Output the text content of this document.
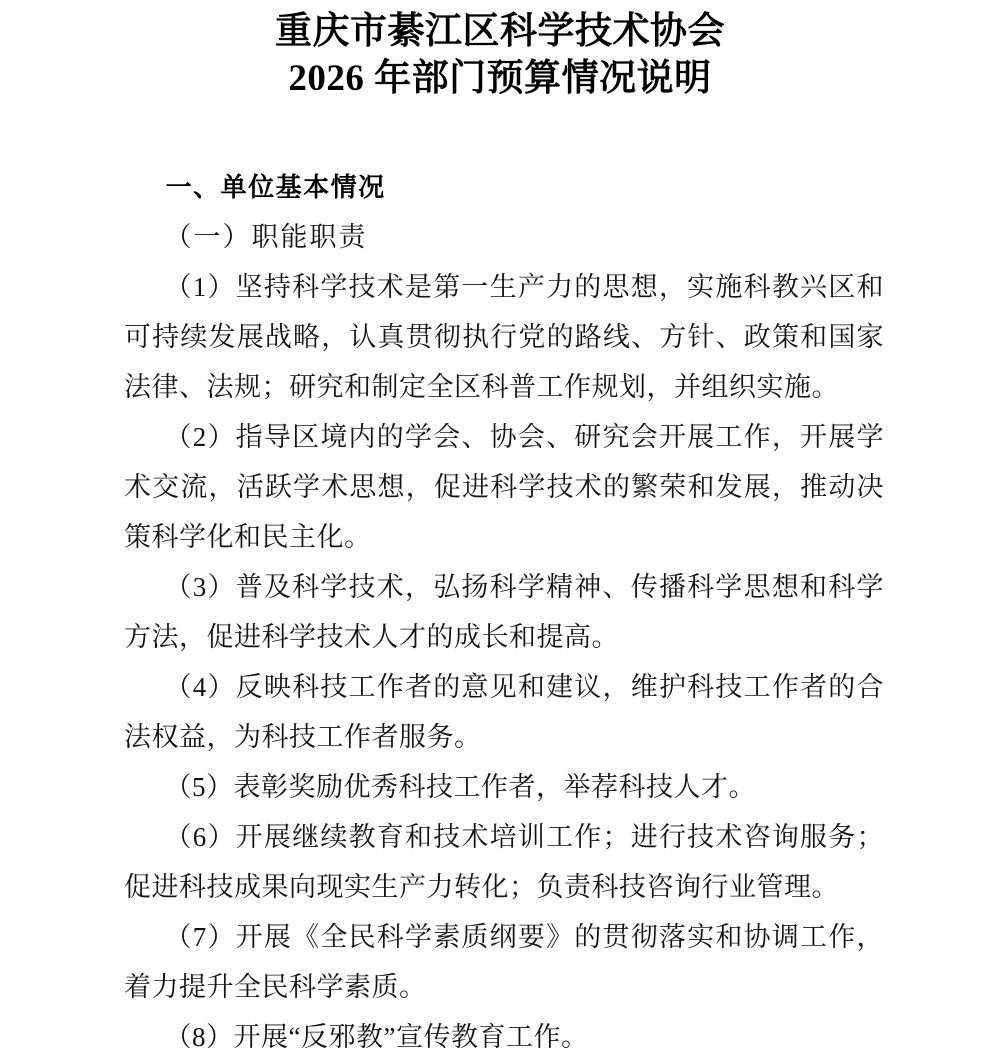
重庆市綦江区科学技术协会
2026 年部门预算情况说明
一、单位基本情况
（一）职能职责

（1）坚持科学技术是第一生产力的思想，实施科教兴区和可持续发展战略，认真贯彻执行党的路线、方针、政策和国家法律、法规；研究和制定全区科普工作规划，并组织实施。

（2）指导区境内的学会、协会、研究会开展工作，开展学术交流，活跃学术思想，促进科学技术的繁荣和发展，推动决策科学化和民主化。

（3）普及科学技术，弘扬科学精神、传播科学思想和科学方法，促进科学技术人才的成长和提高。

（4）反映科技工作者的意见和建议，维护科技工作者的合法权益，为科技工作者服务。

（5）表彰奖励优秀科技工作者，举荐科技人才。

（6）开展继续教育和技术培训工作；进行技术咨询服务；促进科技成果向现实生产力转化；负责科技咨询行业管理。

（7）开展《全民科学素质纲要》的贯彻落实和协调工作，着力提升全民科学素质。

（8）开展“反邪教”宣传教育工作。
